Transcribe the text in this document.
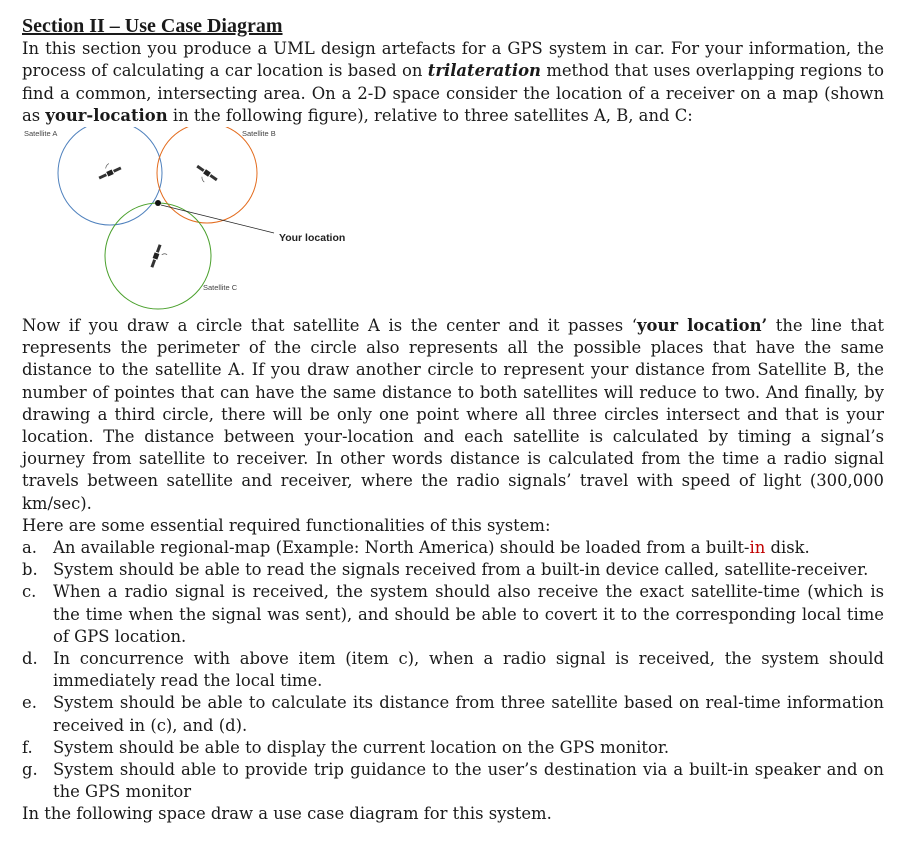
Section II – Use Case Diagram

In this section you produce a UML design artefacts for a GPS system in car. For your information, the process of calculating a car location is based on trilateration method that uses overlapping regions to find a common, intersecting area. On a 2-D space consider the location of a receiver on a map (shown as your-location in the following figure), relative to three satellites A, B, and C:

Satellite A	Satellite B
Satellite C
Your location

Now if you draw a circle that satellite A is the center and it passes ‘your location’ the line that represents the perimeter of the circle also represents all the possible places that have the same distance to the satellite A. If you draw another circle to represent your distance from Satellite B, the number of pointes that can have the same distance to both satellites will reduce to two. And finally, by drawing a third circle, there will be only one point where all three circles intersect and that is your location. The distance between your-location and each satellite is calculated by timing a signal’s journey from satellite to receiver. In other words distance is calculated from the time a radio signal travels between satellite and receiver, where the radio signals’ travel with speed of light (300,000 km/sec).

Here are some essential required functionalities of this system:

a. An available regional-map (Example: North America) should be loaded from a built-in disk.
b. System should be able to read the signals received from a built-in device called, satellite-receiver.
c. When a radio signal is received, the system should also receive the exact satellite-time (which is the time when the signal was sent), and should be able to covert it to the corresponding local time of GPS location.
d. In concurrence with above item (item c), when a radio signal is received, the system should immediately read the local time.
e. System should be able to calculate its distance from three satellite based on real-time information received in (c), and (d).
f. System should be able to display the current location on the GPS monitor.
g. System should able to provide trip guidance to the user’s destination via a built-in speaker and on the GPS monitor

In the following space draw a use case diagram for this system.
